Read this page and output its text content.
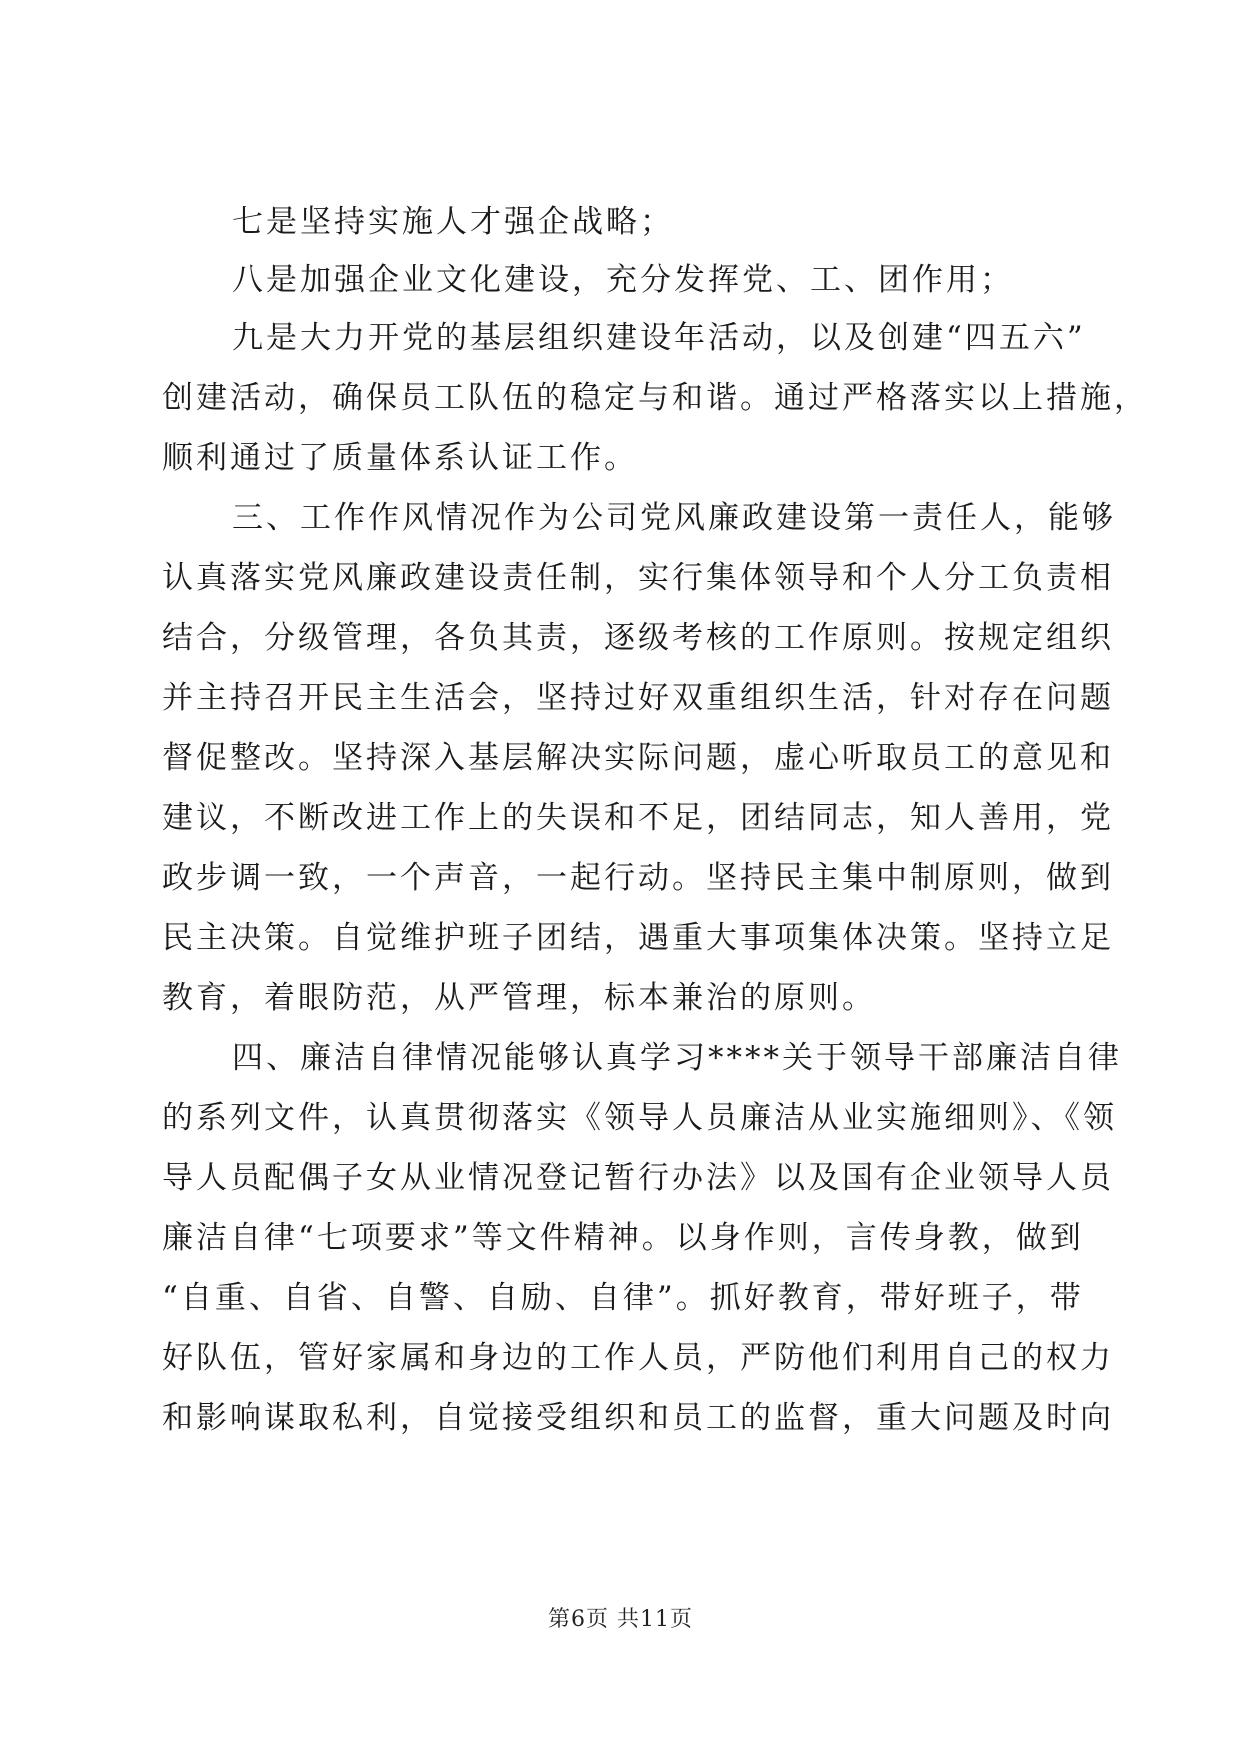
七是坚持实施人才强企战略；
八是加强企业文化建设，充分发挥党、工、团作用；
九是大力开党的基层组织建设年活动，以及创建“四五六”
创建活动，确保员工队伍的稳定与和谐。通过严格落实以上措施，
顺利通过了质量体系认证工作。
三、工作作风情况作为公司党风廉政建设第一责任人，能够
认真落实党风廉政建设责任制，实行集体领导和个人分工负责相
结合，分级管理，各负其责，逐级考核的工作原则。按规定组织
并主持召开民主生活会，坚持过好双重组织生活，针对存在问题
督促整改。坚持深入基层解决实际问题，虚心听取员工的意见和
建议，不断改进工作上的失误和不足，团结同志，知人善用，党
政步调一致，一个声音，一起行动。坚持民主集中制原则，做到
民主决策。自觉维护班子团结，遇重大事项集体决策。坚持立足
教育，着眼防范，从严管理，标本兼治的原则。
四、廉洁自律情况能够认真学习****关于领导干部廉洁自律
的系列文件，认真贯彻落实《领导人员廉洁从业实施细则》、《领
导人员配偶子女从业情况登记暂行办法》以及国有企业领导人员
廉洁自律“七项要求”等文件精神。以身作则，言传身教，做到
“自重、自省、自警、自励、自律”。抓好教育，带好班子，带
好队伍，管好家属和身边的工作人员，严防他们利用自己的权力
和影响谋取私利，自觉接受组织和员工的监督，重大问题及时向
第6页 共11页
